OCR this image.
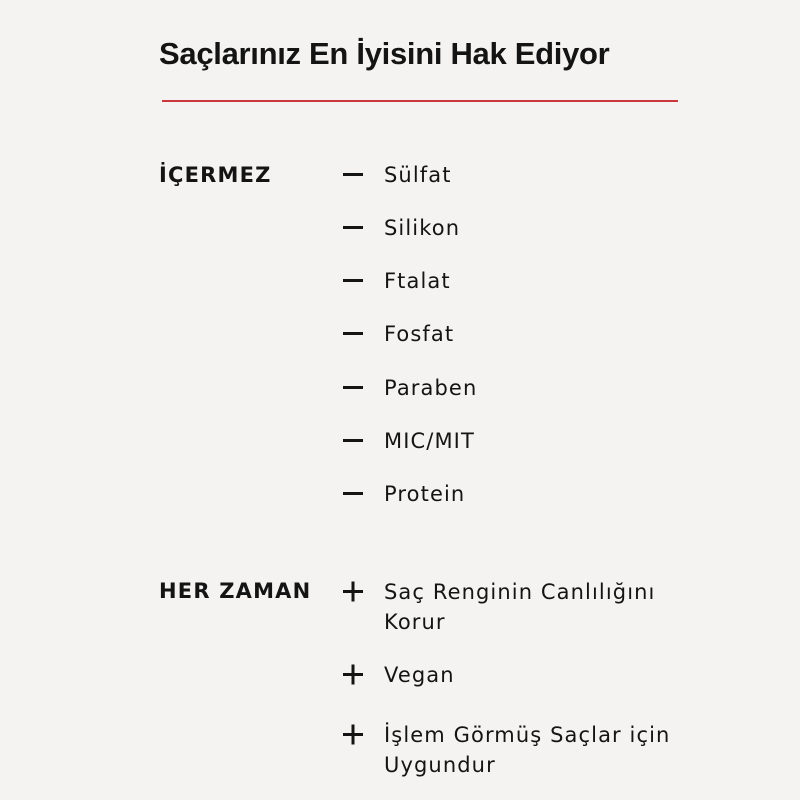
Saçlarınız En İyisini Hak Ediyor
İÇERMEZ	Sülfat
Silikon
Ftalat
Fosfat
Paraben
MIC/MIT
Protein
HER ZAMAN	Saç Renginin Canlılığını Korur
Vegan
İşlem Görmüş Saçlar için Uygundur
